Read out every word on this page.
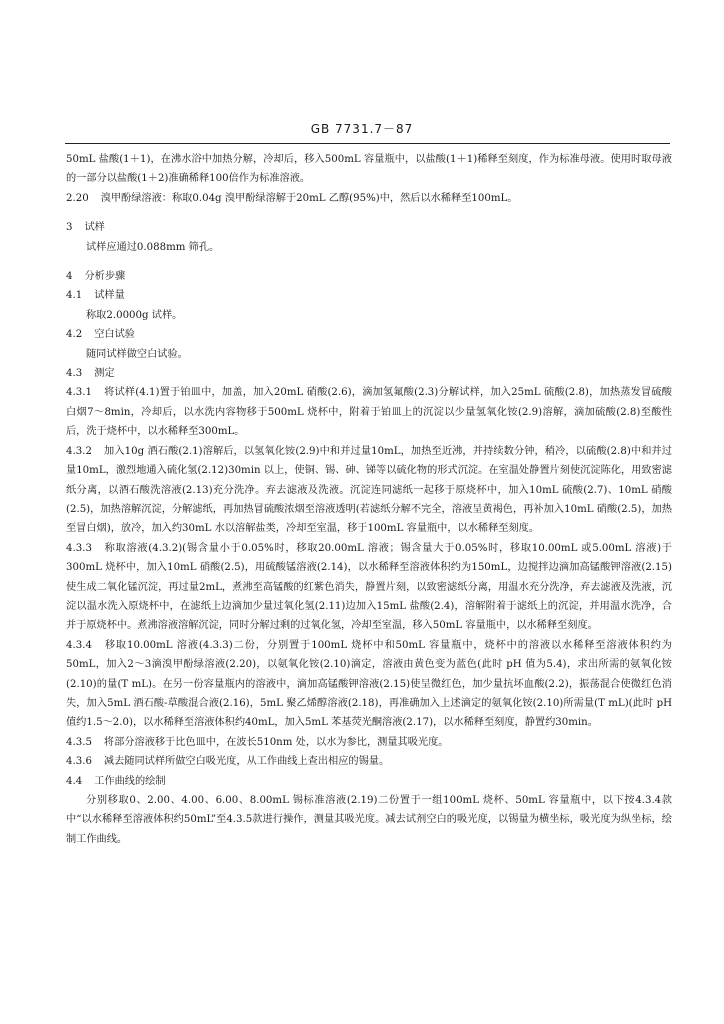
GB 7731.7－87

50mL 盐酸(1＋1)，在沸水浴中加热分解，冷却后，移入500mL 容量瓶中，以盐酸(1＋1)稀释至刻度，作为标准母液。使用时取母液的一部分以盐酸(1＋2)准确稀释100倍作为标准溶液。

2.20 溴甲酚绿溶液：称取0.04g 溴甲酚绿溶解于20mL 乙醇(95%)中，然后以水稀释至100mL。

3 试样

试样应通过0.088mm 筛孔。

4 分析步骤

4.1 试样量

称取2.0000g 试样。

4.2 空白试验

随同试样做空白试验。

4.3 测定

4.3.1 将试样(4.1)置于铂皿中，加盖，加入20mL 硝酸(2.6)，滴加氢氟酸(2.3)分解试样，加入25mL 硫酸(2.8)，加热蒸发冒硫酸白烟7～8min，冷却后，以水洗内容物移于500mL 烧杯中，附着于铂皿上的沉淀以少量氢氧化铵(2.9)溶解，滴加硫酸(2.8)至酸性后，洗于烧杯中，以水稀释至300mL。

4.3.2 加入10g 酒石酸(2.1)溶解后，以氢氧化铵(2.9)中和并过量10mL，加热至近沸，并持续数分钟，稍冷，以硫酸(2.8)中和并过量10mL，激烈地通入硫化氢(2.12)30min 以上，使铜、锡、砷、锑等以硫化物的形式沉淀。在室温处静置片刻使沉淀陈化，用致密滤纸分离，以酒石酸洗溶液(2.13)充分洗净。弃去滤液及洗液。沉淀连同滤纸一起移于原烧杯中，加入10mL 硫酸(2.7)、10mL 硝酸(2.5)，加热溶解沉淀，分解滤纸，再加热冒硫酸浓烟至溶液透明(若滤纸分解不完全，溶液呈黄褐色，再补加入10mL 硝酸(2.5)，加热至冒白烟)，放冷，加入约30mL 水以溶解盐类，冷却至室温，移于100mL 容量瓶中，以水稀释至刻度。

4.3.3 称取溶液(4.3.2)(锡含量小于0.05%时，移取20.00mL 溶液；锡含量大于0.05%时，移取10.00mL 或5.00mL 溶液)于300mL 烧杯中，加入10mL 硝酸(2.5)，用硫酸锰溶液(2.14)，以水稀释至溶液体积约为150mL，边搅拌边滴加高锰酸钾溶液(2.15)使生成二氧化锰沉淀，再过量2mL，煮沸至高锰酸的红紫色消失，静置片刻，以致密滤纸分离，用温水充分洗净，弃去滤液及洗液，沉淀以温水洗入原烧杯中，在滤纸上边滴加少量过氧化氢(2.11)边加入15mL 盐酸(2.4)，溶解附着于滤纸上的沉淀，并用温水洗净，合并于原烧杯中。煮沸溶液溶解沉淀，同时分解过剩的过氧化氢，冷却至室温，移入50mL 容量瓶中，以水稀释至刻度。

4.3.4 移取10.00mL 溶液(4.3.3)二份，分别置于100mL 烧杯中和50mL 容量瓶中，烧杯中的溶液以水稀释至溶液体积约为50mL，加入2～3滴溴甲酚绿溶液(2.20)，以氨氧化铵(2.10)滴定，溶液由黄色变为蓝色(此时 pH 值为5.4)，求出所需的氨氧化铵(2.10)的量(T mL)。在另一份容量瓶内的溶液中，滴加高锰酸钾溶液(2.15)使呈微红色，加少量抗坏血酸(2.2)，振荡混合使微红色消失，加入5mL 酒石酸-草酸混合液(2.16)，5mL 聚乙烯醇溶液(2.18)，再准确加入上述滴定的氨氧化铵(2.10)所需量(T mL)(此时 pH 值约1.5～2.0)，以水稀释至溶液体积约40mL，加入5mL 苯基荧光酮溶液(2.17)，以水稀释至刻度，静置约30min。

4.3.5 将部分溶液移于比色皿中，在波长510nm 处，以水为参比，测量其吸光度。

4.3.6 减去随同试样所做空白吸光度，从工作曲线上查出相应的锡量。

4.4 工作曲线的绘制

分别移取0、2.00、4.00、6.00、8.00mL 锡标准溶液(2.19)二份置于一组100mL 烧杯、50mL 容量瓶中，以下按4.3.4款中“以水稀释至溶液体积约50mL”至4.3.5款进行操作，测量其吸光度。减去试剂空白的吸光度，以锡量为横坐标，吸光度为纵坐标，绘制工作曲线。
